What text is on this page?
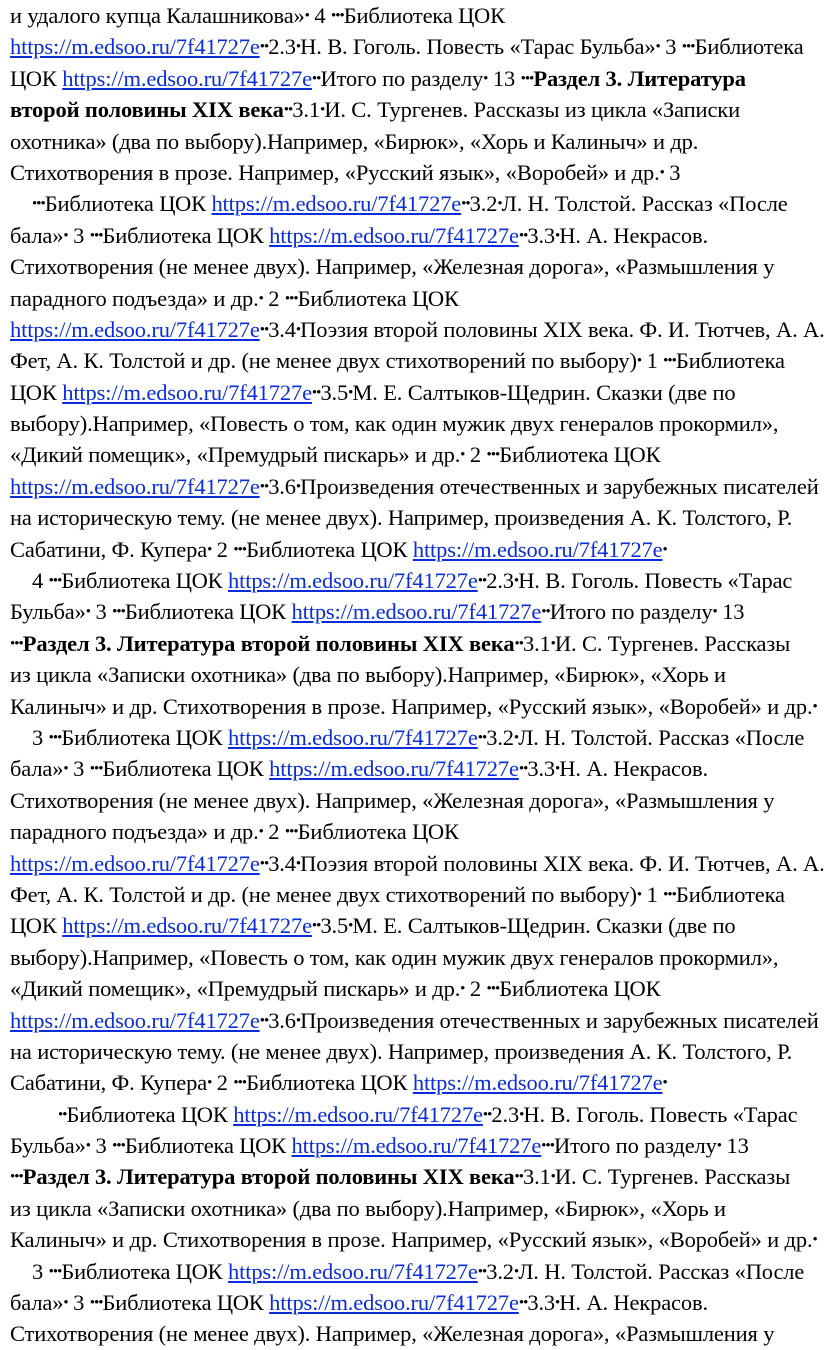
и удалого купца Калашникова»• 4 •••Библиотека ЦОК
https://m.edsoo.ru/7f41727e••2.3•Н. В. Гоголь. Повесть «Тарас Бульба»• 3 •••Библиотека
ЦОК https://m.edsoo.ru/7f41727e••Итого по разделу• 13 •••Раздел 3. Литература
второй половины XIX века••3.1•И. С. Тургенев. Рассказы из цикла «Записки
охотника» (два по выбору).Например, «Бирюк», «Хорь и Калиныч» и др.
Стихотворения в прозе. Например, «Русский язык», «Воробей» и др.• 3
•••Библиотека ЦОК https://m.edsoo.ru/7f41727e••3.2•Л. Н. Толстой. Рассказ «После
бала»• 3 •••Библиотека ЦОК https://m.edsoo.ru/7f41727e••3.3•Н. А. Некрасов.
Стихотворения (не менее двух). Например, «Железная дорога», «Размышления у
парадного подъезда» и др.• 2 •••Библиотека ЦОК
https://m.edsoo.ru/7f41727e••3.4•Поэзия второй половины XIX века. Ф. И. Тютчев, А. А.
Фет, А. К. Толстой и др. (не менее двух стихотворений по выбору)• 1 •••Библиотека
ЦОК https://m.edsoo.ru/7f41727e••3.5•М. Е. Салтыков-Щедрин. Сказки (две по
выбору).Например, «Повесть о том, как один мужик двух генералов прокормил»,
«Дикий помещик», «Премудрый пискарь» и др.• 2 •••Библиотека ЦОК
https://m.edsoo.ru/7f41727e••3.6•Произведения отечественных и зарубежных писателей
на историческую тему. (не менее двух). Например, произведения А. К. Толстого, Р.
Сабатини, Ф. Купера• 2 •••Библиотека ЦОК https://m.edsoo.ru/7f41727e•
4 •••Библиотека ЦОК https://m.edsoo.ru/7f41727e••2.3•Н. В. Гоголь. Повесть «Тарас
Бульба»• 3 •••Библиотека ЦОК https://m.edsoo.ru/7f41727e••Итого по разделу• 13
•••Раздел 3. Литература второй половины XIX века••3.1•И. С. Тургенев. Рассказы
из цикла «Записки охотника» (два по выбору).Например, «Бирюк», «Хорь и
Калиныч» и др. Стихотворения в прозе. Например, «Русский язык», «Воробей» и др.•
3 •••Библиотека ЦОК https://m.edsoo.ru/7f41727e••3.2•Л. Н. Толстой. Рассказ «После
бала»• 3 •••Библиотека ЦОК https://m.edsoo.ru/7f41727e••3.3•Н. А. Некрасов.
Стихотворения (не менее двух). Например, «Железная дорога», «Размышления у
парадного подъезда» и др.• 2 •••Библиотека ЦОК
https://m.edsoo.ru/7f41727e••3.4•Поэзия второй половины XIX века. Ф. И. Тютчев, А. А.
Фет, А. К. Толстой и др. (не менее двух стихотворений по выбору)• 1 •••Библиотека
ЦОК https://m.edsoo.ru/7f41727e••3.5•М. Е. Салтыков-Щедрин. Сказки (две по
выбору).Например, «Повесть о том, как один мужик двух генералов прокормил»,
«Дикий помещик», «Премудрый пискарь» и др.• 2 •••Библиотека ЦОК
https://m.edsoo.ru/7f41727e••3.6•Произведения отечественных и зарубежных писателей
на историческую тему. (не менее двух). Например, произведения А. К. Толстого, Р.
Сабатини, Ф. Купера• 2 •••Библиотека ЦОК https://m.edsoo.ru/7f41727e•
••Библиотека ЦОК https://m.edsoo.ru/7f41727e••2.3•Н. В. Гоголь. Повесть «Тарас
Бульба»• 3 •••Библиотека ЦОК https://m.edsoo.ru/7f41727e•••Итого по разделу• 13
•••Раздел 3. Литература второй половины XIX века••3.1•И. С. Тургенев. Рассказы
из цикла «Записки охотника» (два по выбору).Например, «Бирюк», «Хорь и
Калиныч» и др. Стихотворения в прозе. Например, «Русский язык», «Воробей» и др.•
3 •••Библиотека ЦОК https://m.edsoo.ru/7f41727e••3.2•Л. Н. Толстой. Рассказ «После
бала»• 3 •••Библиотека ЦОК https://m.edsoo.ru/7f41727e••3.3•Н. А. Некрасов.
Стихотворения (не менее двух). Например, «Железная дорога», «Размышления у
